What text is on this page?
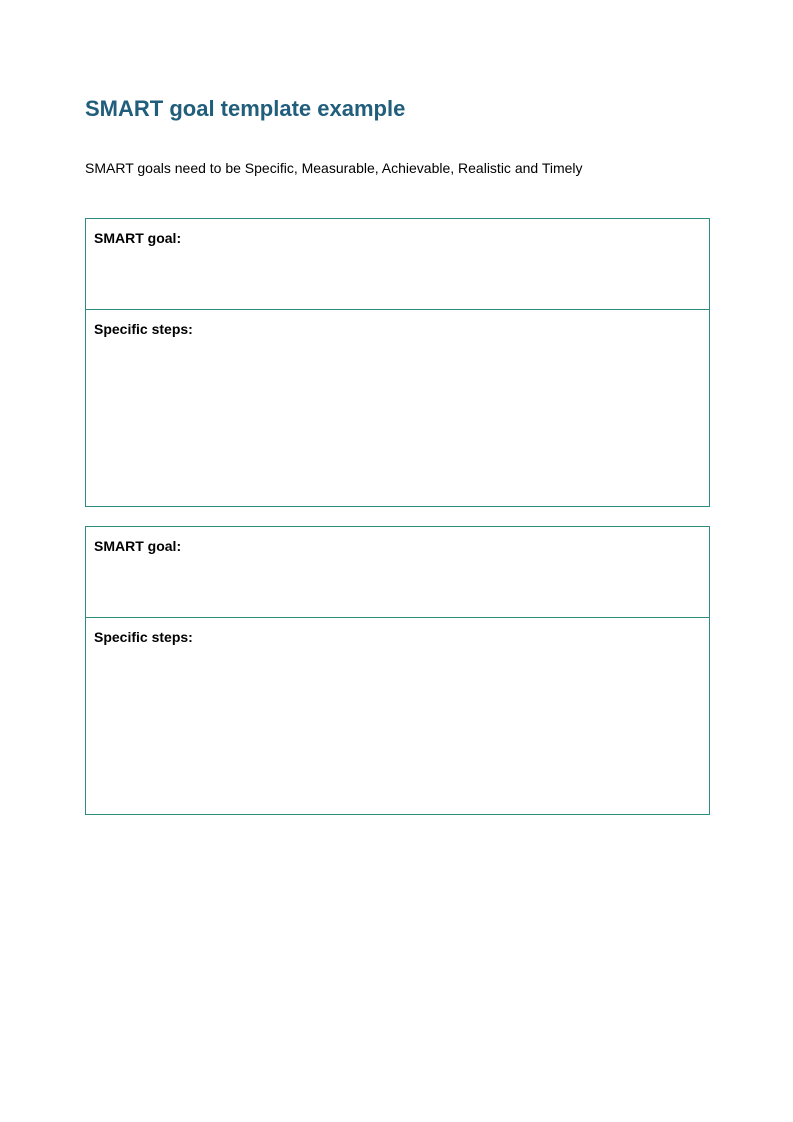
SMART goal template example

SMART goals need to be Specific, Measurable, Achievable, Realistic and Timely

SMART goal:
Specific steps:
SMART goal:
Specific steps:
